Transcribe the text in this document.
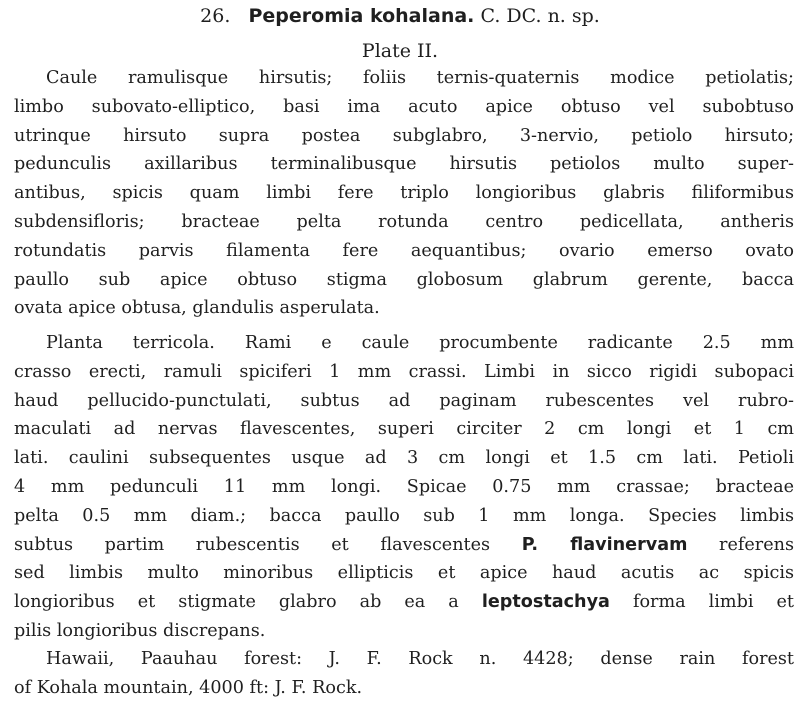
26. Peperomia kohalana. C. DC. n. sp.
Plate II.
Caule ramulisque hirsutis; foliis ternis-quaternis modice petiolatis;
limbo subovato-elliptico, basi ima acuto apice obtuso vel subobtuso
utrinque hirsuto supra postea subglabro, 3-nervio, petiolo hirsuto;
pedunculis axillaribus terminalibusque hirsutis petiolos multo super-
antibus, spicis quam limbi fere triplo longioribus glabris filiformibus
subdensifloris; bracteae pelta rotunda centro pedicellata, antheris
rotundatis parvis filamenta fere aequantibus; ovario emerso ovato
paullo sub apice obtuso stigma globosum glabrum gerente, bacca
ovata apice obtusa, glandulis asperulata.
Planta terricola. Rami e caule procumbente radicante 2.5 mm
crasso erecti, ramuli spiciferi 1 mm crassi. Limbi in sicco rigidi subopaci
haud pellucido-punctulati, subtus ad paginam rubescentes vel rubro-
maculati ad nervas flavescentes, superi circiter 2 cm longi et 1 cm
lati. caulini subsequentes usque ad 3 cm longi et 1.5 cm lati. Petioli
4 mm pedunculi 11 mm longi. Spicae 0.75 mm crassae; bracteae
pelta 0.5 mm diam.; bacca paullo sub 1 mm longa. Species limbis
subtus partim rubescentis et flavescentes P. flavinervam referens
sed limbis multo minoribus ellipticis et apice haud acutis ac spicis
longioribus et stigmate glabro ab ea a leptostachya forma limbi et
pilis longioribus discrepans.
Hawaii, Paauhau forest: J. F. Rock n. 4428; dense rain forest
of Kohala mountain, 4000 ft: J. F. Rock.
